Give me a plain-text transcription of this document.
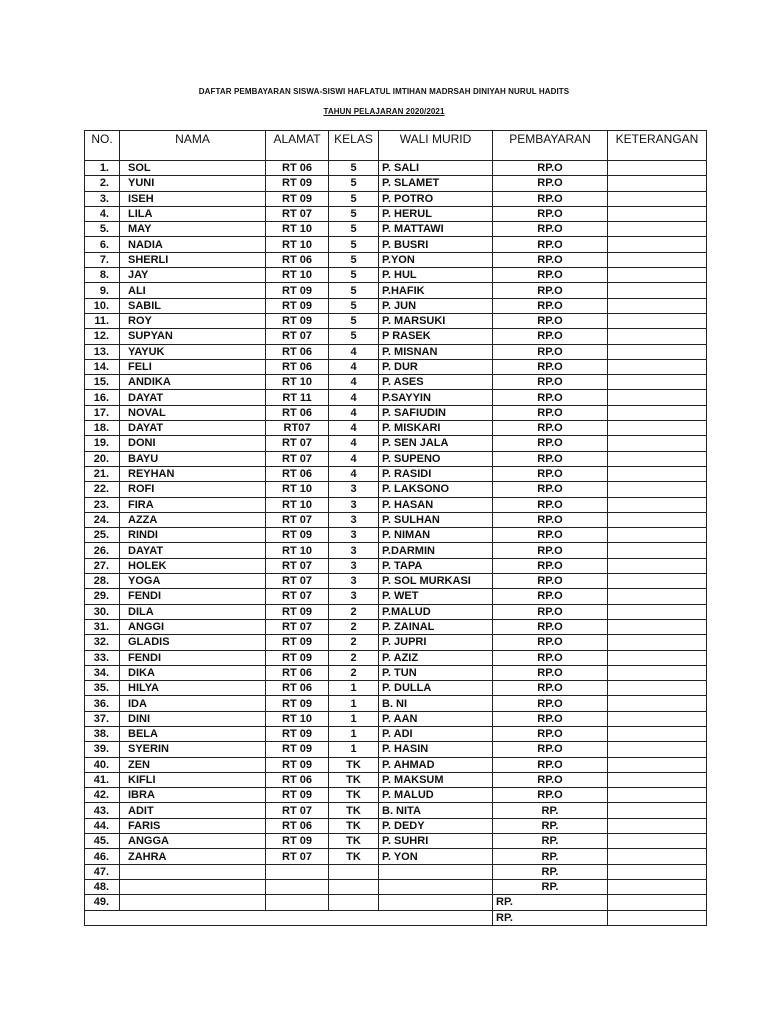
DAFTAR PEMBAYARAN SISWA-SISWI HAFLATUL IMTIHAN MADRSAH DINIYAH NURUL HADITS
TAHUN PELAJARAN 2020/2021
NO.	NAMA	ALAMAT	KELAS	WALI MURID	PEMBAYARAN	KETERANGAN
1.	SOL	RT 06	5	P. SALI	RP.O	
2.	YUNI	RT 09	5	P. SLAMET	RP.O	
3.	ISEH	RT 09	5	P. POTRO	RP.O	
4.	LILA	RT 07	5	P. HERUL	RP.O	
5.	MAY	RT 10	5	P. MATTAWI	RP.O	
6.	NADIA	RT 10	5	P. BUSRI	RP.O	
7.	SHERLI	RT 06	5	P.YON	RP.O	
8.	JAY	RT 10	5	P. HUL	RP.O	
9.	ALI	RT 09	5	P.HAFIK	RP.O	
10.	SABIL	RT 09	5	P. JUN	RP.O	
11.	ROY	RT 09	5	P. MARSUKI	RP.O	
12.	SUPYAN	RT 07	5	P RASEK	RP.O	
13.	YAYUK	RT 06	4	P. MISNAN	RP.O	
14.	FELI	RT 06	4	P. DUR	RP.O	
15.	ANDIKA	RT 10	4	P. ASES	RP.O	
16.	DAYAT	RT 11	4	P.SAYYIN	RP.O	
17.	NOVAL	RT 06	4	P. SAFIUDIN	RP.O	
18.	DAYAT	RT07	4	P. MISKARI	RP.O	
19.	DONI	RT 07	4	P. SEN JALA	RP.O	
20.	BAYU	RT 07	4	P. SUPENO	RP.O	
21.	REYHAN	RT 06	4	P. RASIDI	RP.O	
22.	ROFI	RT 10	3	P. LAKSONO	RP.O	
23.	FIRA	RT 10	3	P. HASAN	RP.O	
24.	AZZA	RT 07	3	P. SULHAN	RP.O	
25.	RINDI	RT 09	3	P. NIMAN	RP.O	
26.	DAYAT	RT 10	3	P.DARMIN	RP.O	
27.	HOLEK	RT 07	3	P. TAPA	RP.O	
28.	YOGA	RT 07	3	P. SOL MURKASI	RP.O	
29.	FENDI	RT 07	3	P. WET	RP.O	
30.	DILA	RT 09	2	P.MALUD	RP.O	
31.	ANGGI	RT 07	2	P. ZAINAL	RP.O	
32.	GLADIS	RT 09	2	P. JUPRI	RP.O	
33.	FENDI	RT 09	2	P. AZIZ	RP.O	
34.	DIKA	RT 06	2	P. TUN	RP.O	
35.	HILYA	RT 06	1	P. DULLA	RP.O	
36.	IDA	RT 09	1	B. NI	RP.O	
37.	DINI	RT 10	1	P. AAN	RP.O	
38.	BELA	RT 09	1	P. ADI	RP.O	
39.	SYERIN	RT 09	1	P. HASIN	RP.O	
40.	ZEN	RT 09	TK	P. AHMAD	RP.O	
41.	KIFLI	RT 06	TK	P. MAKSUM	RP.O	
42.	IBRA	RT 09	TK	P. MALUD	RP.O	
43.	ADIT	RT 07	TK	B. NITA	RP.	
44.	FARIS	RT 06	TK	P. DEDY	RP.	
45.	ANGGA	RT 09	TK	P. SUHRI	RP.	
46.	ZAHRA	RT 07	TK	P. YON	RP.	
47.					RP.	
48.					RP.	
49.					RP.	
					RP.	
